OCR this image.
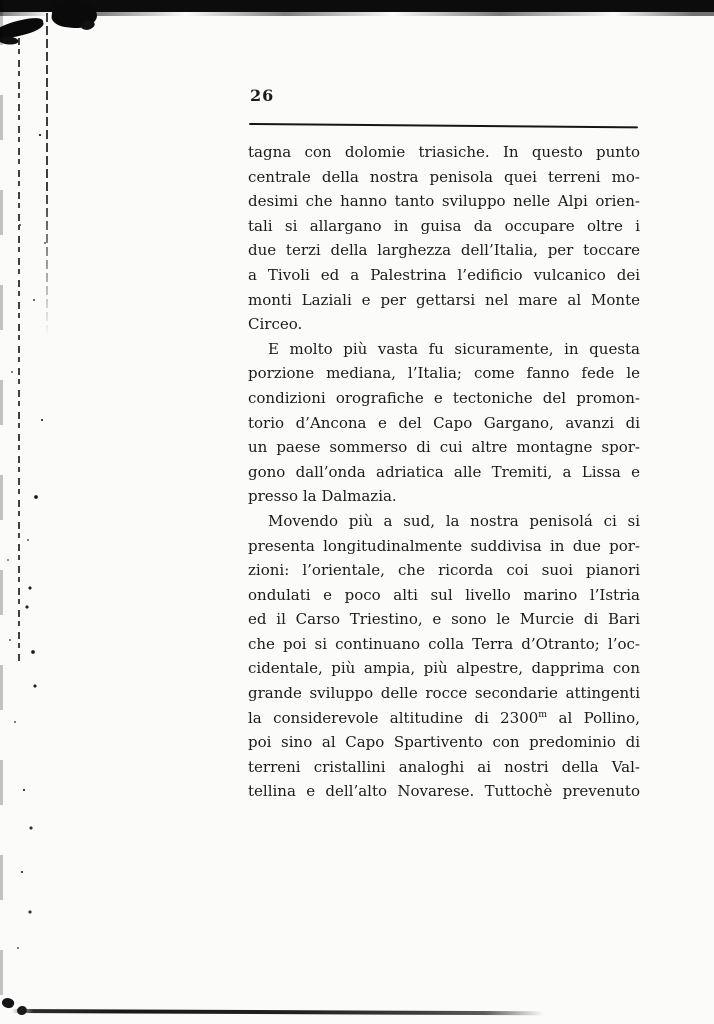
26
tagna con dolomie triasiche. In questo punto
centrale della nostra penisola quei terreni mo-
desimi che hanno tanto sviluppo nelle Alpi orien-
tali si allargano in guisa da occupare oltre i
due terzi della larghezza dell’Italia, per toccare
a Tivoli ed a Palestrina l’edificio vulcanico dei
monti Laziali e per gettarsi nel mare al Monte
Circeo.
E molto più vasta fu sicuramente, in questa
porzione mediana, l’Italia; come fanno fede le
condizioni orografiche e tectoniche del promon-
torio d’Ancona e del Capo Gargano, avanzi di
un paese sommerso di cui altre montagne spor-
gono dall’onda adriatica alle Tremiti, a Lissa e
presso la Dalmazia.
Movendo più a sud, la nostra penisolá ci si
presenta longitudinalmente suddivisa in due por-
zioni: l’orientale, che ricorda coi suoi pianori
ondulati e poco alti sul livello marino l’Istria
ed il Carso Triestino, e sono le Murcie di Bari
che poi si continuano colla Terra d’Otranto; l’oc-
cidentale, più ampia, più alpestre, dapprima con
grande sviluppo delle rocce secondarie attingenti
la considerevole altitudine di 2300$^m$ al Pollino,
poi sino al Capo Spartivento con predominio di
terreni cristallini analoghi ai nostri della Val-
tellina e dell’alto Novarese. Tuttochè prevenuto
